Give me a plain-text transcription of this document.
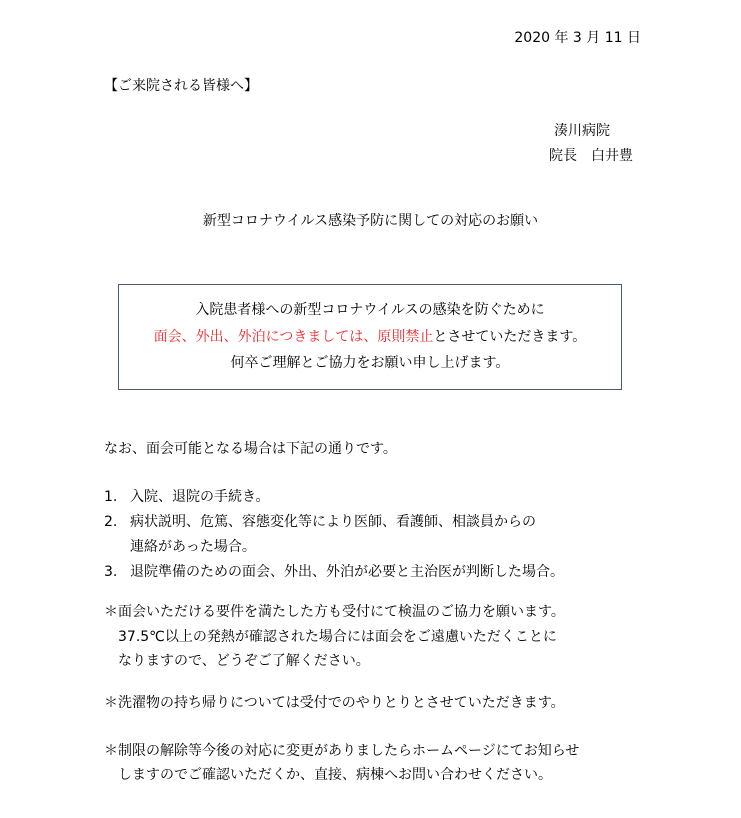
2020 年 3 月 11 日
【ご来院される皆様へ】
湊川病院
院長　白井豊
新型コロナウイルス感染予防に関しての対応のお願い
入院患者様への新型コロナウイルスの感染を防ぐために
面会、外出、外泊につきましては、原則禁止とさせていただきます。
何卒ご理解とご協力をお願い申し上げます。
なお、面会可能となる場合は下記の通りです。
1. 入院、退院の手続き。
2. 病状説明、危篤、容態変化等により医師、看護師、相談員からの
連絡があった場合。
3. 退院準備のための面会、外出、外泊が必要と主治医が判断した場合。
＊面会いただける要件を満たした方も受付にて検温のご協力を願います。
37.5℃以上の発熱が確認された場合には面会をご遠慮いただくことに
なりますので、どうぞご了解ください。
＊洗濯物の持ち帰りについては受付でのやりとりとさせていただきます。
＊制限の解除等今後の対応に変更がありましたらホームページにてお知らせ
しますのでご確認いただくか、直接、病棟へお問い合わせください。
